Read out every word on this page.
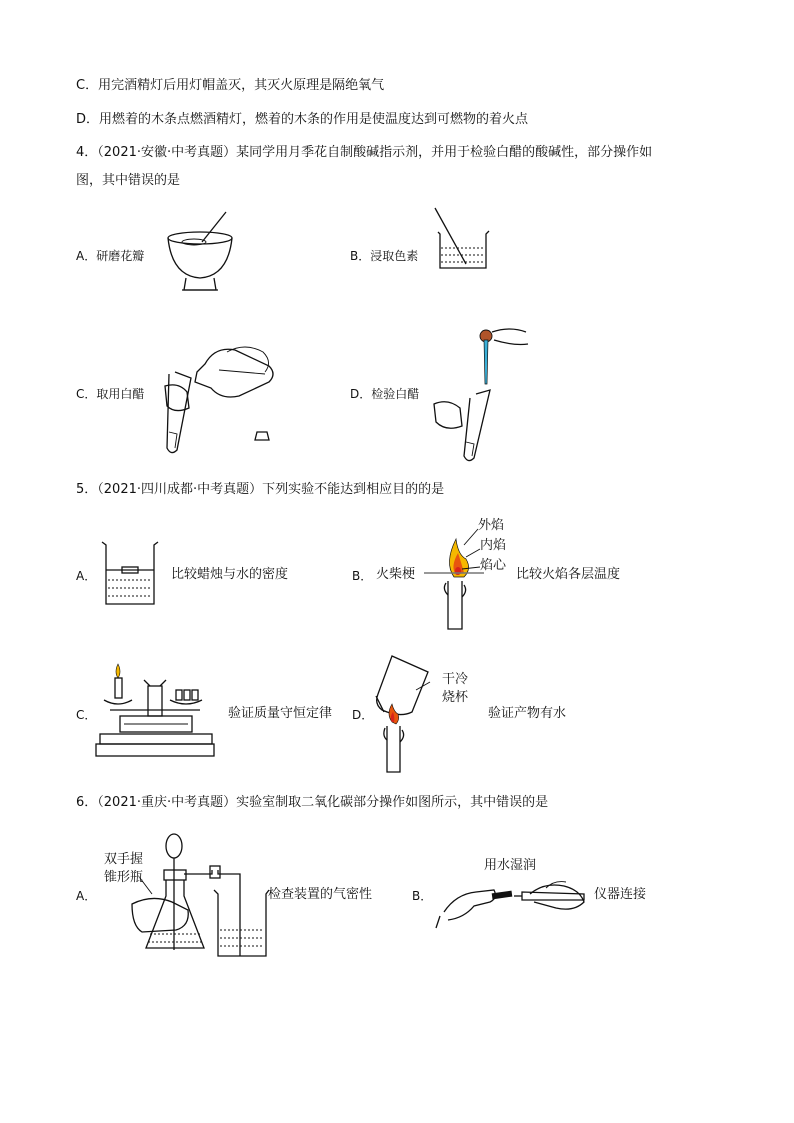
C．用完酒精灯后用灯帽盖灭，其灭火原理是隔绝氧气
D．用燃着的木条点燃酒精灯，燃着的木条的作用是使温度达到可燃物的着火点
4．（2021·安徽·中考真题）某同学用月季花自制酸碱指示剂，并用于检验白醋的酸碱性，部分操作如
图，其中错误的是
A．研磨花瓣	B．浸取色素
C．取用白醋	D．检验白醋
5．（2021·四川成都·中考真题）下列实验不能达到相应目的的是
A．	比较蜡烛与水的密度	B． 火柴梗
外焰
内焰
焰心
比较火焰各层温度
C．	验证质量守恒定律 D．
干冷
烧杯
验证产物有水
6．（2021·重庆·中考真题）实验室制取二氧化碳部分操作如图所示，其中错误的是
A．
双手握
锥形瓶
检查装置的气密性	B．
用水湿润
仪器连接
